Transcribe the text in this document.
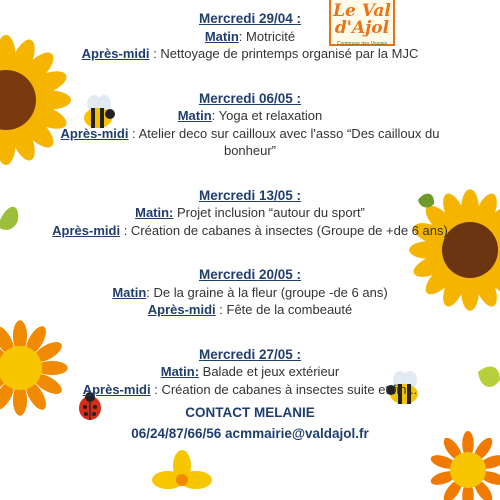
Le Val d'Ajol
Commune des Vosges
Mercredi 29/04 :
Matin: Motricité
Après-midi : Nettoyage de printemps organisé par la MJC
Mercredi 06/05 :
Matin: Yoga et relaxation
Après-midi : Atelier deco sur cailloux avec l'asso “Des cailloux du bonheur”
Mercredi 13/05 :
Matin: Projet inclusion “autour du sport”
Après-midi : Création de cabanes à insectes (Groupe de +de 6 ans)
Mercredi 20/05 :
Matin: De la graine à la fleur (groupe -de 6 ans)
Après-midi : Fête de la combeauté
Mercredi 27/05 :
Matin: Balade et jeux extérieur
Après-midi : Création de cabanes à insectes suite et fin...
CONTACT MELANIE
06/24/87/66/56 acmmairie@valdajol.fr
